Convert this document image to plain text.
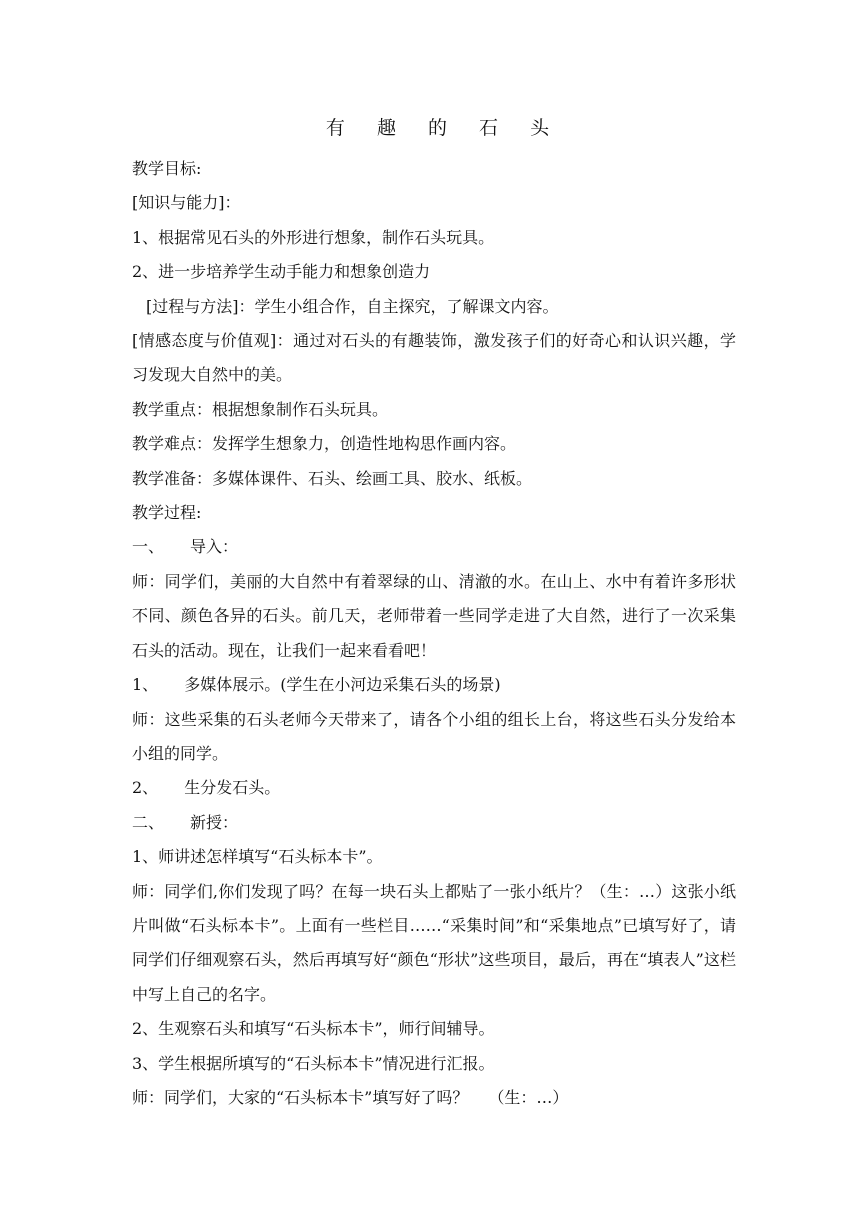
有 趣 的 石 头

教学目标:

[知识与能力]：

1、根据常见石头的外形进行想象，制作石头玩具。

2、进一步培养学生动手能力和想象创造力

[过程与方法]：学生小组合作，自主探究，了解课文内容。

[情感态度与价值观]：通过对石头的有趣装饰，激发孩子们的好奇心和认识兴趣，学习发现大自然中的美。

教学重点：根据想象制作石头玩具。

教学难点：发挥学生想象力，创造性地构思作画内容。

教学准备：多媒体课件、石头、绘画工具、胶水、纸板。

教学过程:

一、 导入：

师：同学们，美丽的大自然中有着翠绿的山、清澈的水。在山上、水中有着许多形状不同、颜色各异的石头。前几天，老师带着一些同学走进了大自然，进行了一次采集石头的活动。现在，让我们一起来看看吧！

1、 多媒体展示。(学生在小河边采集石头的场景)

师：这些采集的石头老师今天带来了，请各个小组的组长上台，将这些石头分发给本小组的同学。

2、 生分发石头。

二、 新授：

1、师讲述怎样填写“石头标本卡”。

师：同学们,你们发现了吗？在每一块石头上都贴了一张小纸片？（生：…）这张小纸片叫做“石头标本卡”。上面有一些栏目……“采集时间”和“采集地点”已填写好了，请同学们仔细观察石头，然后再填写好“颜色“形状”这些项目，最后，再在“填表人”这栏中写上自己的名字。

2、生观察石头和填写“石头标本卡”，师行间辅导。

3、学生根据所填写的“石头标本卡”情况进行汇报。

师：同学们，大家的“石头标本卡”填写好了吗？ （生：…）
